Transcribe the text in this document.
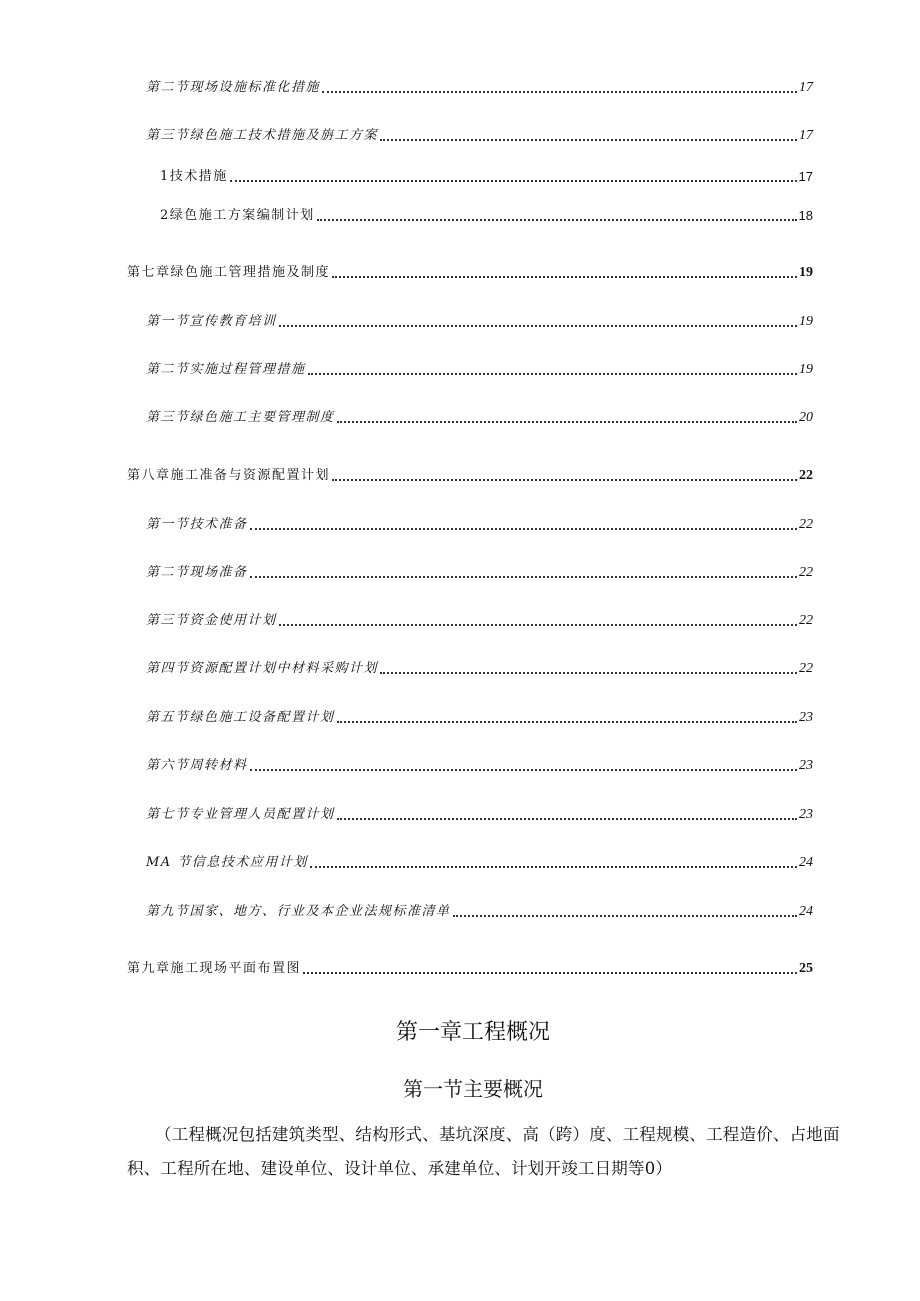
第二节现场设施标准化措施	17
第三节绿色施工技术措施及旃工方案	17
1技术措施	17
2绿色施工方案编制计划	18
第七章绿色施工管理措施及制度	19
第一节宣传教育培训	19
第二节实施过程管理措施	19
第三节绿色施工主要管理制度	20
第八章施工准备与资源配置计划	22
第一节技术准备	22
第二节现场准备	22
第三节资金使用计划	22
第四节资源配置计划中材料采购计划	22
第五节绿色施工设备配置计划	23
第六节周转材料	23
第七节专业管理人员配置计划	23
MA 节信息技术应用计划	24
第九节国家、地方、行业及本企业法规标准清单	24
第九章施工现场平面布置图	25
第一章工程概况
第一节主要概况
（工程概况包括建筑类型、结构形式、基坑深度、高（跨）度、工程规模、工程造价、占地面积、工程所在地、建设单位、设计单位、承建单位、计划开竣工日期等0）
